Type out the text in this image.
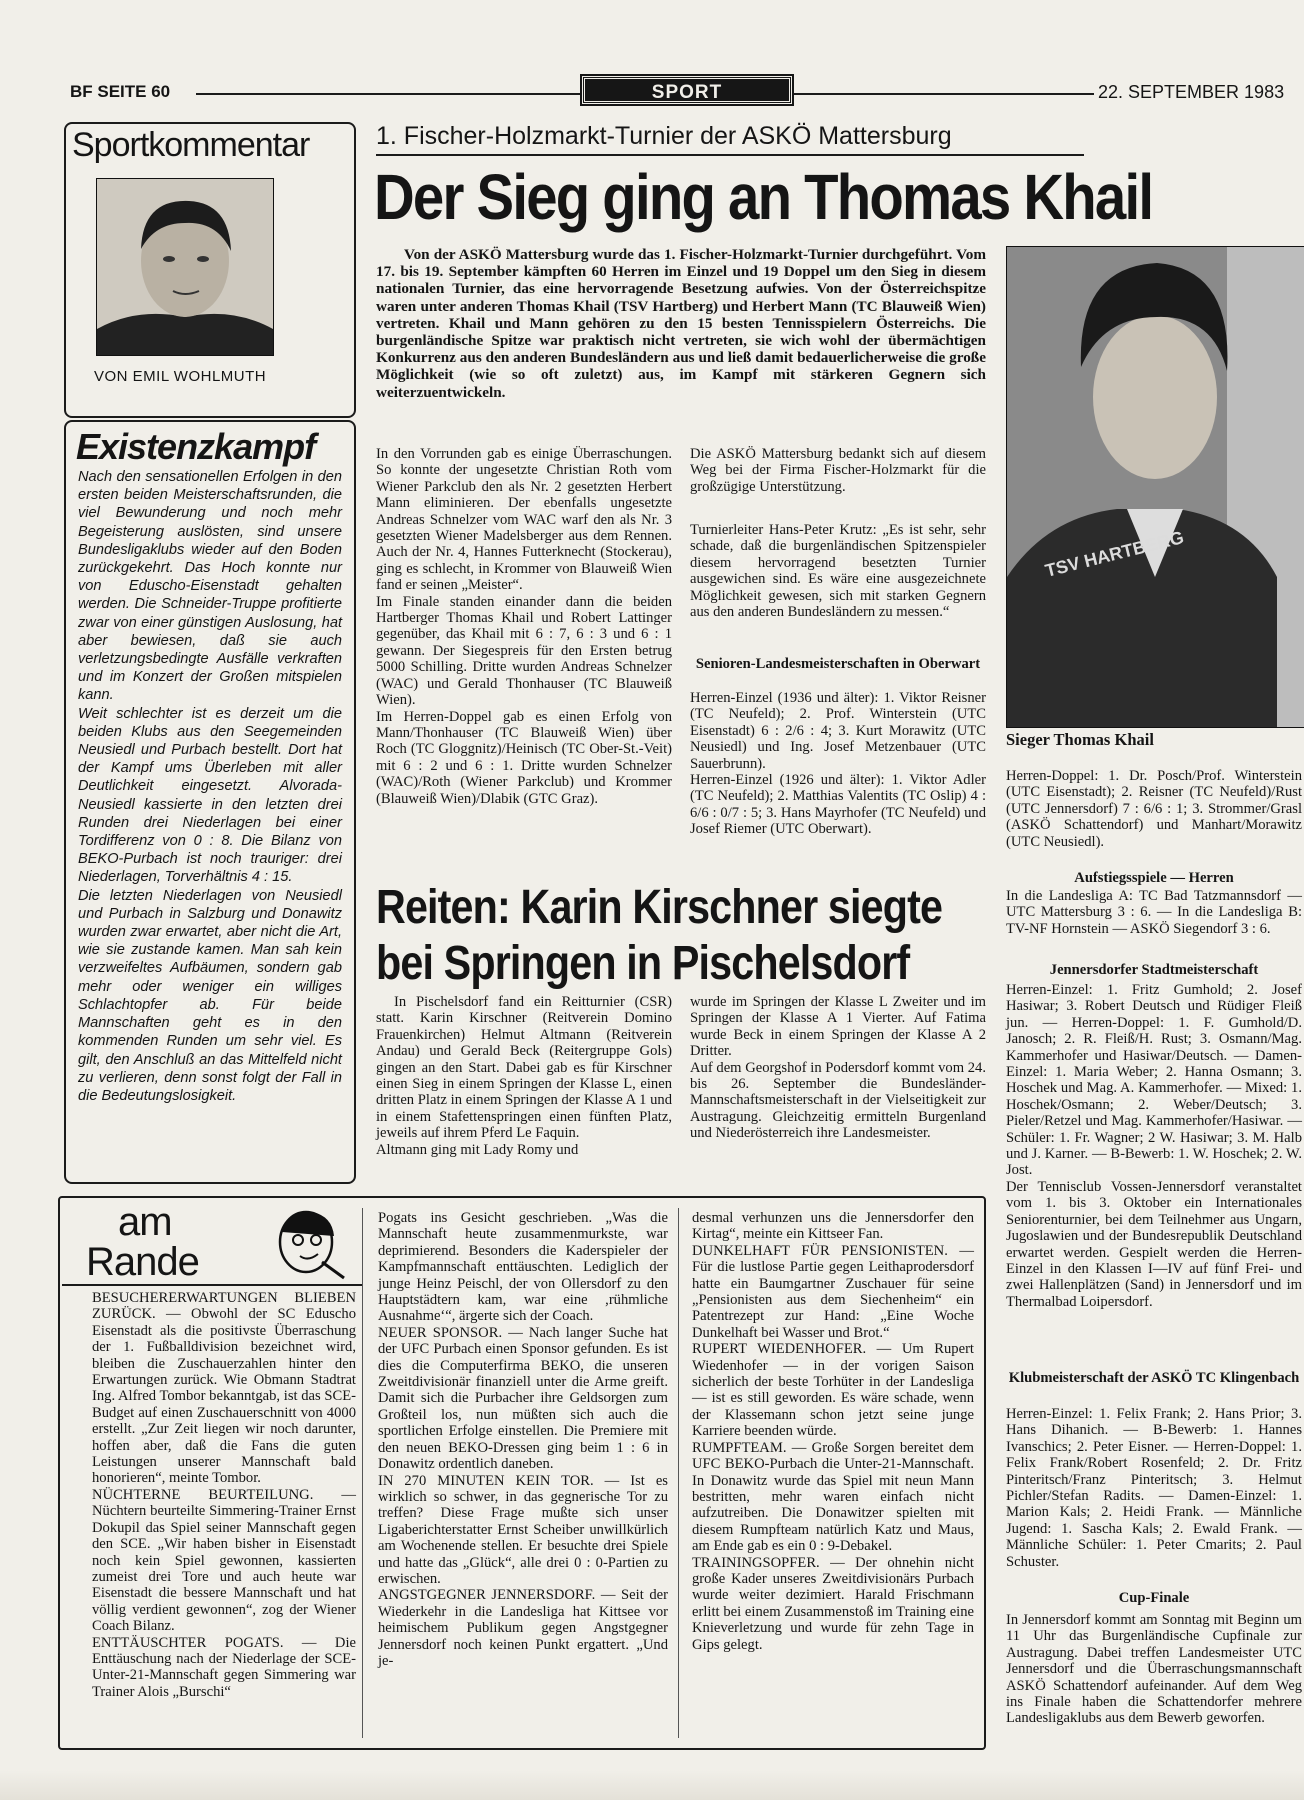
BF SEITE 60	SPORT	22. SEPTEMBER 1983
Sportkommentar
VON EMIL WOHLMUTH
Existenzkampf
Nach den sensationellen Erfolgen in den ersten beiden Meisterschaftsrunden, die viel Bewunderung und noch mehr Begeisterung auslösten, sind unsere Bundesligaklubs wieder auf den Boden zurückgekehrt. Das Hoch konnte nur von Eduscho-Eisenstadt gehalten werden. Die Schneider-Truppe profitierte zwar von einer günstigen Auslosung, hat aber bewiesen, daß sie auch verletzungsbedingte Ausfälle verkraften und im Konzert der Großen mitspielen kann.
Weit schlechter ist es derzeit um die beiden Klubs aus den Seegemeinden Neusiedl und Purbach bestellt. Dort hat der Kampf ums Überleben mit aller Deutlichkeit eingesetzt. Alvorada-Neusiedl kassierte in den letzten drei Runden drei Niederlagen bei einer Tordifferenz von 0 : 8. Die Bilanz von BEKO-Purbach ist noch trauriger: drei Niederlagen, Torverhältnis 4 : 15.
Die letzten Niederlagen von Neusiedl und Purbach in Salzburg und Donawitz wurden zwar erwartet, aber nicht die Art, wie sie zustande kamen. Man sah kein verzweifeltes Aufbäumen, sondern gab mehr oder weniger ein williges Schlachtopfer ab. Für beide Mannschaften geht es in den kommenden Runden um sehr viel. Es gilt, den Anschluß an das Mittelfeld nicht zu verlieren, denn sonst folgt der Fall in die Bedeutungslosigkeit.
1. Fischer-Holzmarkt-Turnier der ASKÖ Mattersburg
Der Sieg ging an Thomas Khail
Von der ASKÖ Mattersburg wurde das 1. Fischer-Holzmarkt-Turnier durchgeführt. Vom 17. bis 19. September kämpften 60 Herren im Einzel und 19 Doppel um den Sieg in diesem nationalen Turnier, das eine hervorragende Besetzung aufwies. Von der Österreichspitze waren unter anderen Thomas Khail (TSV Hartberg) und Herbert Mann (TC Blauweiß Wien) vertreten. Khail und Mann gehören zu den 15 besten Tennisspielern Österreichs. Die burgenländische Spitze war praktisch nicht vertreten, sie wich wohl der übermächtigen Konkurrenz aus den anderen Bundesländern aus und ließ damit bedauerlicherweise die große Möglichkeit (wie so oft zuletzt) aus, im Kampf mit stärkeren Gegnern sich weiterzuentwickeln.
In den Vorrunden gab es einige Überraschungen. So konnte der ungesetzte Christian Roth vom Wiener Parkclub den als Nr. 2 gesetzten Herbert Mann eliminieren. Der ebenfalls ungesetzte Andreas Schnelzer vom WAC warf den als Nr. 3 gesetzten Wiener Madelsberger aus dem Rennen. Auch der Nr. 4, Hannes Futterknecht (Stockerau), ging es schlecht, in Krommer von Blauweiß Wien fand er seinen „Meister“.
Im Finale standen einander dann die beiden Hartberger Thomas Khail und Robert Lattinger gegenüber, das Khail mit 6 : 7, 6 : 3 und 6 : 1 gewann. Der Siegespreis für den Ersten betrug 5000 Schilling. Dritte wurden Andreas Schnelzer (WAC) und Gerald Thonhauser (TC Blauweiß Wien).
Im Herren-Doppel gab es einen Erfolg von Mann/Thonhauser (TC Blauweiß Wien) über Roch (TC Gloggnitz)/Heinisch (TC Ober-St.-Veit) mit 6 : 2 und 6 : 1. Dritte wurden Schnelzer (WAC)/Roth (Wiener Parkclub) und Krommer (Blauweiß Wien)/Dlabik (GTC Graz).
Die ASKÖ Mattersburg bedankt sich auf diesem Weg bei der Firma Fischer-Holzmarkt für die großzügige Unterstützung.
Turnierleiter Hans-Peter Krutz: „Es ist sehr, sehr schade, daß die burgenländischen Spitzenspieler diesem hervorragend besetzten Turnier ausgewichen sind. Es wäre eine ausgezeichnete Möglichkeit gewesen, sich mit starken Gegnern aus den anderen Bundesländern zu messen.“
Senioren-Landesmeisterschaften in Oberwart
Herren-Einzel (1936 und älter): 1. Viktor Reisner (TC Neufeld); 2. Prof. Winterstein (UTC Eisenstadt) 6 : 2/6 : 4; 3. Kurt Morawitz (UTC Neusiedl) und Ing. Josef Metzenbauer (UTC Sauerbrunn).
Herren-Einzel (1926 und älter): 1. Viktor Adler (TC Neufeld); 2. Matthias Valentits (TC Oslip) 4 : 6/6 : 0/7 : 5; 3. Hans Mayrhofer (TC Neufeld) und Josef Riemer (UTC Oberwart).
TSV HARTBERG
Sieger Thomas Khail
Reiten: Karin Kirschner siegte
bei Springen in Pischelsdorf
In Pischelsdorf fand ein Reitturnier (CSR) statt. Karin Kirschner (Reitverein Domino Frauenkirchen) Helmut Altmann (Reitverein Andau) und Gerald Beck (Reitergruppe Gols) gingen an den Start. Dabei gab es für Kirschner einen Sieg in einem Springen der Klasse L, einen dritten Platz in einem Springen der Klasse A 1 und in einem Stafettenspringen einen fünften Platz, jeweils auf ihrem Pferd Le Faquin.
Altmann ging mit Lady Romy und
wurde im Springen der Klasse L Zweiter und im Springen der Klasse A 1 Vierter. Auf Fatima wurde Beck in einem Springen der Klasse A 2 Dritter.
Auf dem Georgshof in Podersdorf kommt vom 24. bis 26. September die Bundesländer-Mannschaftsmeisterschaft in der Vielseitigkeit zur Austragung. Gleichzeitig ermitteln Burgenland und Niederösterreich ihre Landesmeister.
Herren-Doppel: 1. Dr. Posch/Prof. Winterstein (UTC Eisenstadt); 2. Reisner (TC Neufeld)/Rust (UTC Jennersdorf) 7 : 6/6 : 1; 3. Strommer/Grasl (ASKÖ Schattendorf) und Manhart/Morawitz (UTC Neusiedl).
Aufstiegsspiele — Herren
In die Landesliga A: TC Bad Tatzmannsdorf — UTC Mattersburg 3 : 6. — In die Landesliga B: TV-NF Hornstein — ASKÖ Siegendorf 3 : 6.
Jennersdorfer Stadtmeisterschaft
Herren-Einzel: 1. Fritz Gumhold; 2. Josef Hasiwar; 3. Robert Deutsch und Rüdiger Fleiß jun. — Herren-Doppel: 1. F. Gumhold/D. Janosch; 2. R. Fleiß/H. Rust; 3. Osmann/Mag. Kammerhofer und Hasiwar/Deutsch. — Damen-Einzel: 1. Maria Weber; 2. Hanna Osmann; 3. Hoschek und Mag. A. Kammerhofer. — Mixed: 1. Hoschek/Osmann; 2. Weber/Deutsch; 3. Pieler/Retzel und Mag. Kammerhofer/Hasiwar. — Schüler: 1. Fr. Wagner; 2 W. Hasiwar; 3. M. Halb und J. Karner. — B-Bewerb: 1. W. Hoschek; 2. W. Jost.
Der Tennisclub Vossen-Jennersdorf veranstaltet vom 1. bis 3. Oktober ein Internationales Seniorenturnier, bei dem Teilnehmer aus Ungarn, Jugoslawien und der Bundesrepublik Deutschland erwartet werden. Gespielt werden die Herren-Einzel in den Klassen I—IV auf fünf Frei- und zwei Hallenplätzen (Sand) in Jennersdorf und im Thermalbad Loipersdorf.
Klubmeisterschaft der ASKÖ TC Klingenbach
Herren-Einzel: 1. Felix Frank; 2. Hans Prior; 3. Hans Dihanich. — B-Bewerb: 1. Hannes Ivanschics; 2. Peter Eisner. — Herren-Doppel: 1. Felix Frank/Robert Rosenfeld; 2. Dr. Fritz Pinteritsch/Franz Pinteritsch; 3. Helmut Pichler/Stefan Radits. — Damen-Einzel: 1. Marion Kals; 2. Heidi Frank. — Männliche Jugend: 1. Sascha Kals; 2. Ewald Frank. — Männliche Schüler: 1. Peter Cmarits; 2. Paul Schuster.
Cup-Finale
In Jennersdorf kommt am Sonntag mit Beginn um 11 Uhr das Burgenländische Cupfinale zur Austragung. Dabei treffen Landesmeister UTC Jennersdorf und die Überraschungsmannschaft ASKÖ Schattendorf aufeinander. Auf dem Weg ins Finale haben die Schattendorfer mehrere Landesligaklubs aus dem Bewerb geworfen.
am
Rande
BESUCHERERWARTUNGEN BLIEBEN ZURÜCK. — Obwohl der SC Eduscho Eisenstadt als die positivste Überraschung der 1. Fußballdivision bezeichnet wird, bleiben die Zuschauerzahlen hinter den Erwartungen zurück. Wie Obmann Stadtrat Ing. Alfred Tombor bekanntgab, ist das SCE-Budget auf einen Zuschauerschnitt von 4000 erstellt. „Zur Zeit liegen wir noch darunter, hoffen aber, daß die Fans die guten Leistungen unserer Mannschaft bald honorieren“, meinte Tombor.
NÜCHTERNE BEURTEILUNG. — Nüchtern beurteilte Simmering-Trainer Ernst Dokupil das Spiel seiner Mannschaft gegen den SCE. „Wir haben bisher in Eisenstadt noch kein Spiel gewonnen, kassierten zumeist drei Tore und auch heute war Eisenstadt die bessere Mannschaft und hat völlig verdient gewonnen“, zog der Wiener Coach Bilanz.
ENTTÄUSCHTER POGATS. — Die Enttäuschung nach der Niederlage der SCE-Unter-21-Mannschaft gegen Simmering war Trainer Alois „Burschi“
Pogats ins Gesicht geschrieben. „Was die Mannschaft heute zusammenmurkste, war deprimierend. Besonders die Kaderspieler der Kampfmannschaft enttäuschten. Lediglich der junge Heinz Peischl, der von Ollersdorf zu den Hauptstädtern kam, war eine ,rühmliche Ausnahme‘“, ärgerte sich der Coach.
NEUER SPONSOR. — Nach langer Suche hat der UFC Purbach einen Sponsor gefunden. Es ist dies die Computerfirma BEKO, die unseren Zweitdivisionär finanziell unter die Arme greift. Damit sich die Purbacher ihre Geldsorgen zum Großteil los, nun müßten sich auch die sportlichen Erfolge einstellen. Die Premiere mit den neuen BEKO-Dressen ging beim 1 : 6 in Donawitz ordentlich daneben.
IN 270 MINUTEN KEIN TOR. — Ist es wirklich so schwer, in das gegnerische Tor zu treffen? Diese Frage mußte sich unser Ligaberichterstatter Ernst Scheiber unwillkürlich am Wochenende stellen. Er besuchte drei Spiele und hatte das „Glück“, alle drei 0 : 0-Partien zu erwischen.
ANGSTGEGNER JENNERSDORF. — Seit der Wiederkehr in die Landesliga hat Kittsee vor heimischem Publikum gegen Angstgegner Jennersdorf noch keinen Punkt ergattert. „Und je-
desmal verhunzen uns die Jennersdorfer den Kirtag“, meinte ein Kittseer Fan.
DUNKELHAFT FÜR PENSIONISTEN. — Für die lustlose Partie gegen Leithaprodersdorf hatte ein Baumgartner Zuschauer für seine „Pensionisten aus dem Siechenheim“ ein Patentrezept zur Hand: „Eine Woche Dunkelhaft bei Wasser und Brot.“
RUPERT WIEDENHOFER. — Um Rupert Wiedenhofer — in der vorigen Saison sicherlich der beste Torhüter in der Landesliga — ist es still geworden. Es wäre schade, wenn der Klassemann schon jetzt seine junge Karriere beenden würde.
RUMPFTEAM. — Große Sorgen bereitet dem UFC BEKO-Purbach die Unter-21-Mannschaft. In Donawitz wurde das Spiel mit neun Mann bestritten, mehr waren einfach nicht aufzutreiben. Die Donawitzer spielten mit diesem Rumpfteam natürlich Katz und Maus, am Ende gab es ein 0 : 9-Debakel.
TRAININGSOPFER. — Der ohnehin nicht große Kader unseres Zweitdivisionärs Purbach wurde weiter dezimiert. Harald Frischmann erlitt bei einem Zusammenstoß im Training eine Knieverletzung und wurde für zehn Tage in Gips gelegt.
